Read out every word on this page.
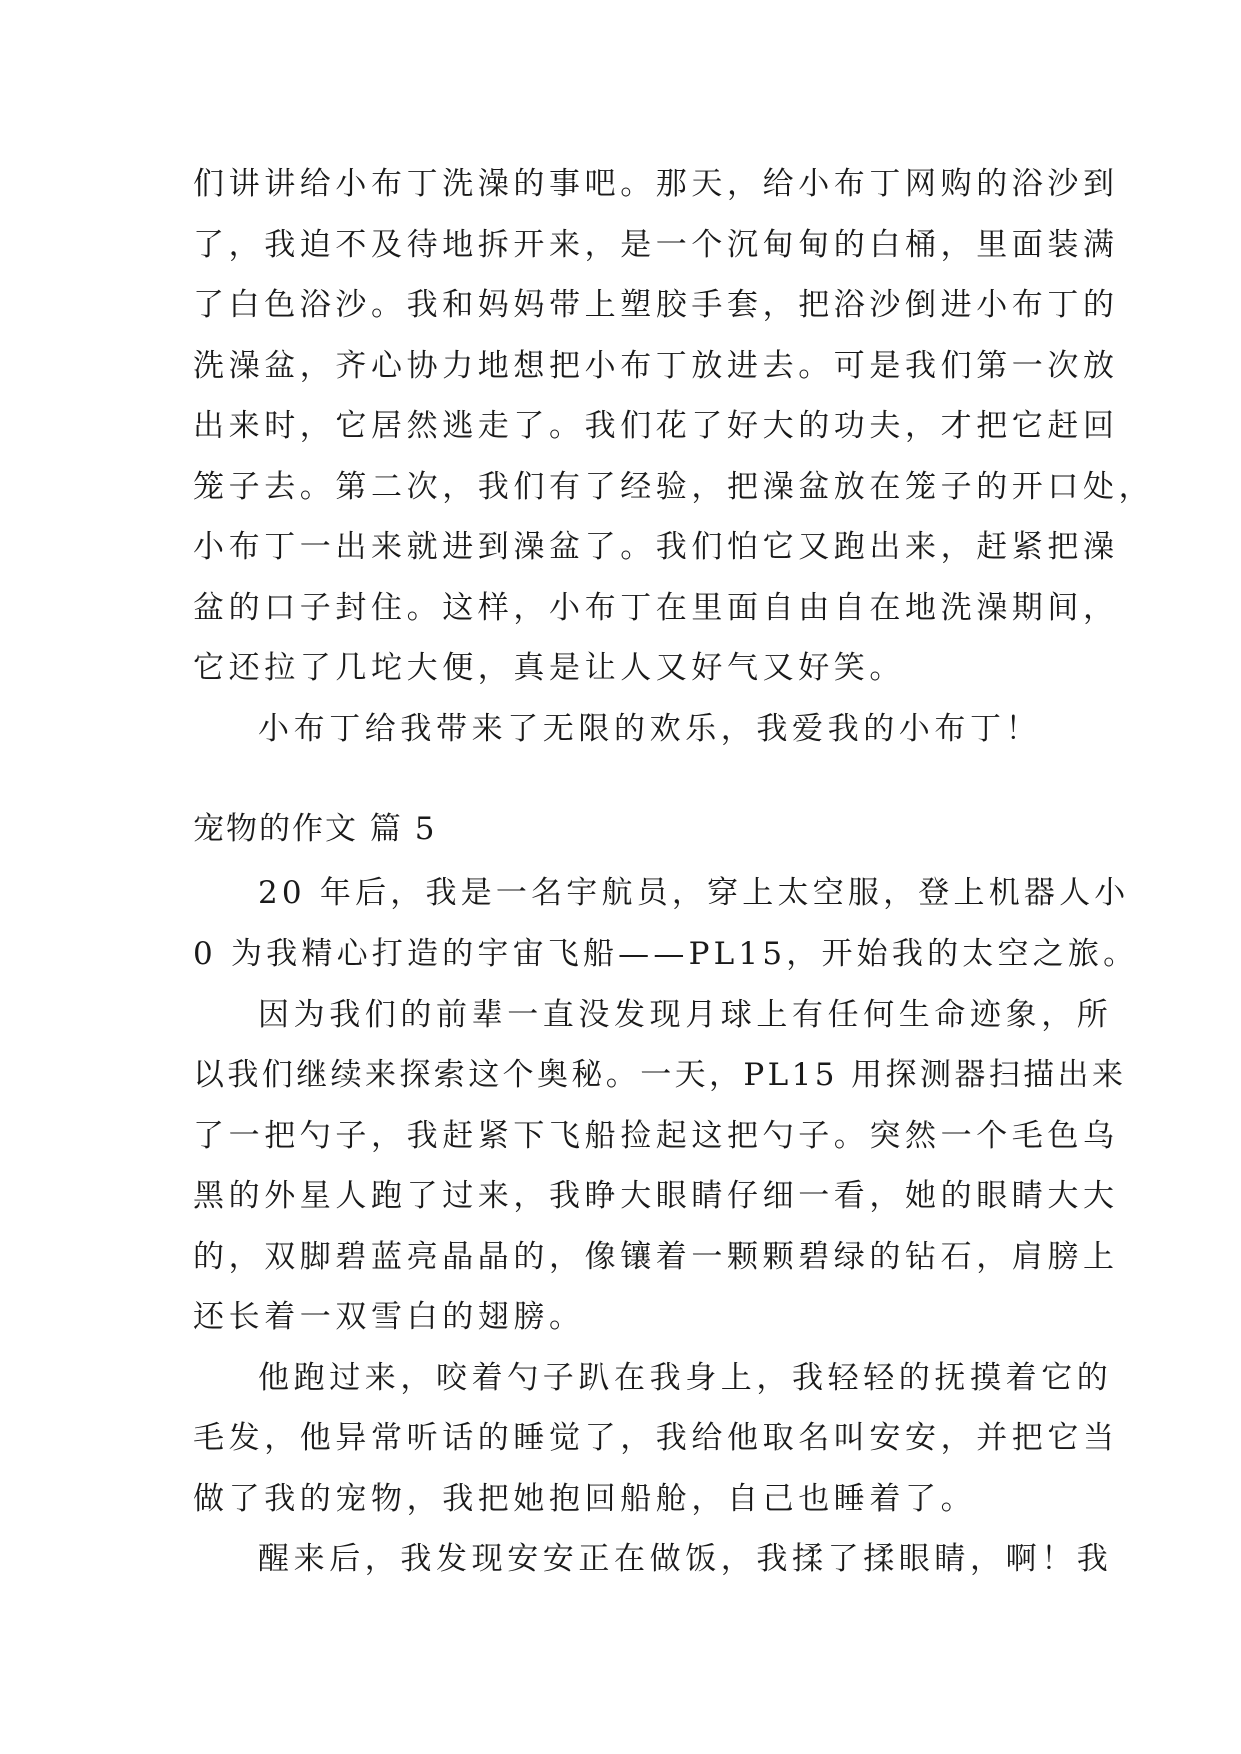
们讲讲给小布丁洗澡的事吧。那天，给小布丁网购的浴沙到
了，我迫不及待地拆开来，是一个沉甸甸的白桶，里面装满
了白色浴沙。我和妈妈带上塑胶手套，把浴沙倒进小布丁的
洗澡盆，齐心协力地想把小布丁放进去。可是我们第一次放
出来时，它居然逃走了。我们花了好大的功夫，才把它赶回
笼子去。第二次，我们有了经验，把澡盆放在笼子的开口处，
小布丁一出来就进到澡盆了。我们怕它又跑出来，赶紧把澡
盆的口子封住。这样，小布丁在里面自由自在地洗澡期间，
它还拉了几坨大便，真是让人又好气又好笑。
小布丁给我带来了无限的欢乐，我爱我的小布丁！
宠物的作文 篇 5
20 年后，我是一名宇航员，穿上太空服，登上机器人小
0 为我精心打造的宇宙飞船——PL15，开始我的太空之旅。
因为我们的前辈一直没发现月球上有任何生命迹象，所
以我们继续来探索这个奥秘。一天，PL15 用探测器扫描出来
了一把勺子，我赶紧下飞船捡起这把勺子。突然一个毛色乌
黑的外星人跑了过来，我睁大眼睛仔细一看，她的眼睛大大
的，双脚碧蓝亮晶晶的，像镶着一颗颗碧绿的钻石，肩膀上
还长着一双雪白的翅膀。
他跑过来，咬着勺子趴在我身上，我轻轻的抚摸着它的
毛发，他异常听话的睡觉了，我给他取名叫安安，并把它当
做了我的宠物，我把她抱回船舱，自己也睡着了。
醒来后，我发现安安正在做饭，我揉了揉眼睛，啊！我
